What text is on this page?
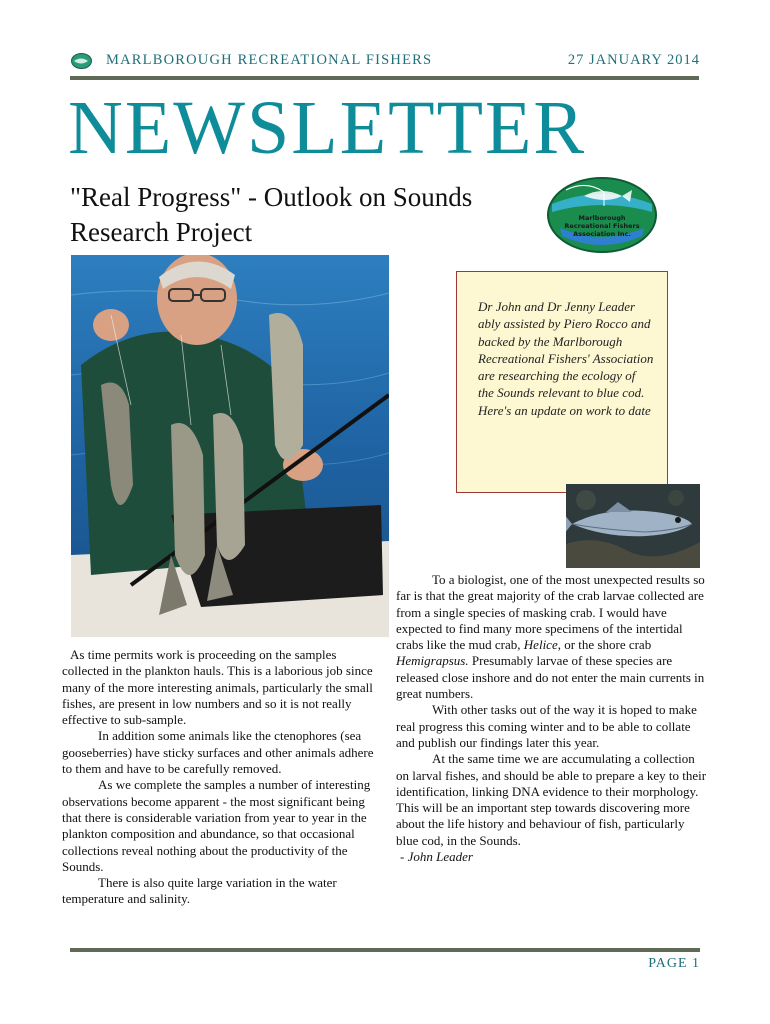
MARLBOROUGH RECREATIONAL FISHERS	27 JANUARY 2014
NEWSLETTER
"Real Progress" - Outlook on Sounds Research Project	Marlborough
Recreational Fishers
Association Inc.
Dr John and Dr Jenny Leader ably assisted by Piero Rocco and backed by the Marlborough Recreational Fishers' Association are researching the ecology of the Sounds relevant to blue cod. Here's an update on work to date

As time permits work is proceeding on the samples collected in the plankton hauls. This is a laborious job since many of the more interesting animals, particularly the small fishes, are present in low numbers and so it is not really effective to sub-sample.

In addition some animals like the ctenophores (sea gooseberries) have sticky surfaces and other animals adhere to them and have to be carefully removed.

As we complete the samples a number of interesting observations become apparent - the most significant being that there is considerable variation from year to year in the plankton composition and abundance, so that occasional collections reveal nothing about the productivity of the Sounds.

There is also quite large variation in the water temperature and salinity.

To a biologist, one of the most unexpected results so far is that the great majority of the crab larvae collected are from a single species of masking crab. I would have expected to find many more specimens of the intertidal crabs like the mud crab, Helice, or the shore crab Hemigrapsus. Presumably larvae of these species are released close inshore and do not enter the main currents in great numbers.

With other tasks out of the way it is hoped to make real progress this coming winter and to be able to collate and publish our findings later this year.

At the same time we are accumulating a collection on larval fishes, and should be able to prepare a key to their identification, linking DNA evidence to their morphology. This will be an important step towards discovering more about the life history and behaviour of fish, particularly blue cod, in the Sounds.

- John Leader

PAGE 1
